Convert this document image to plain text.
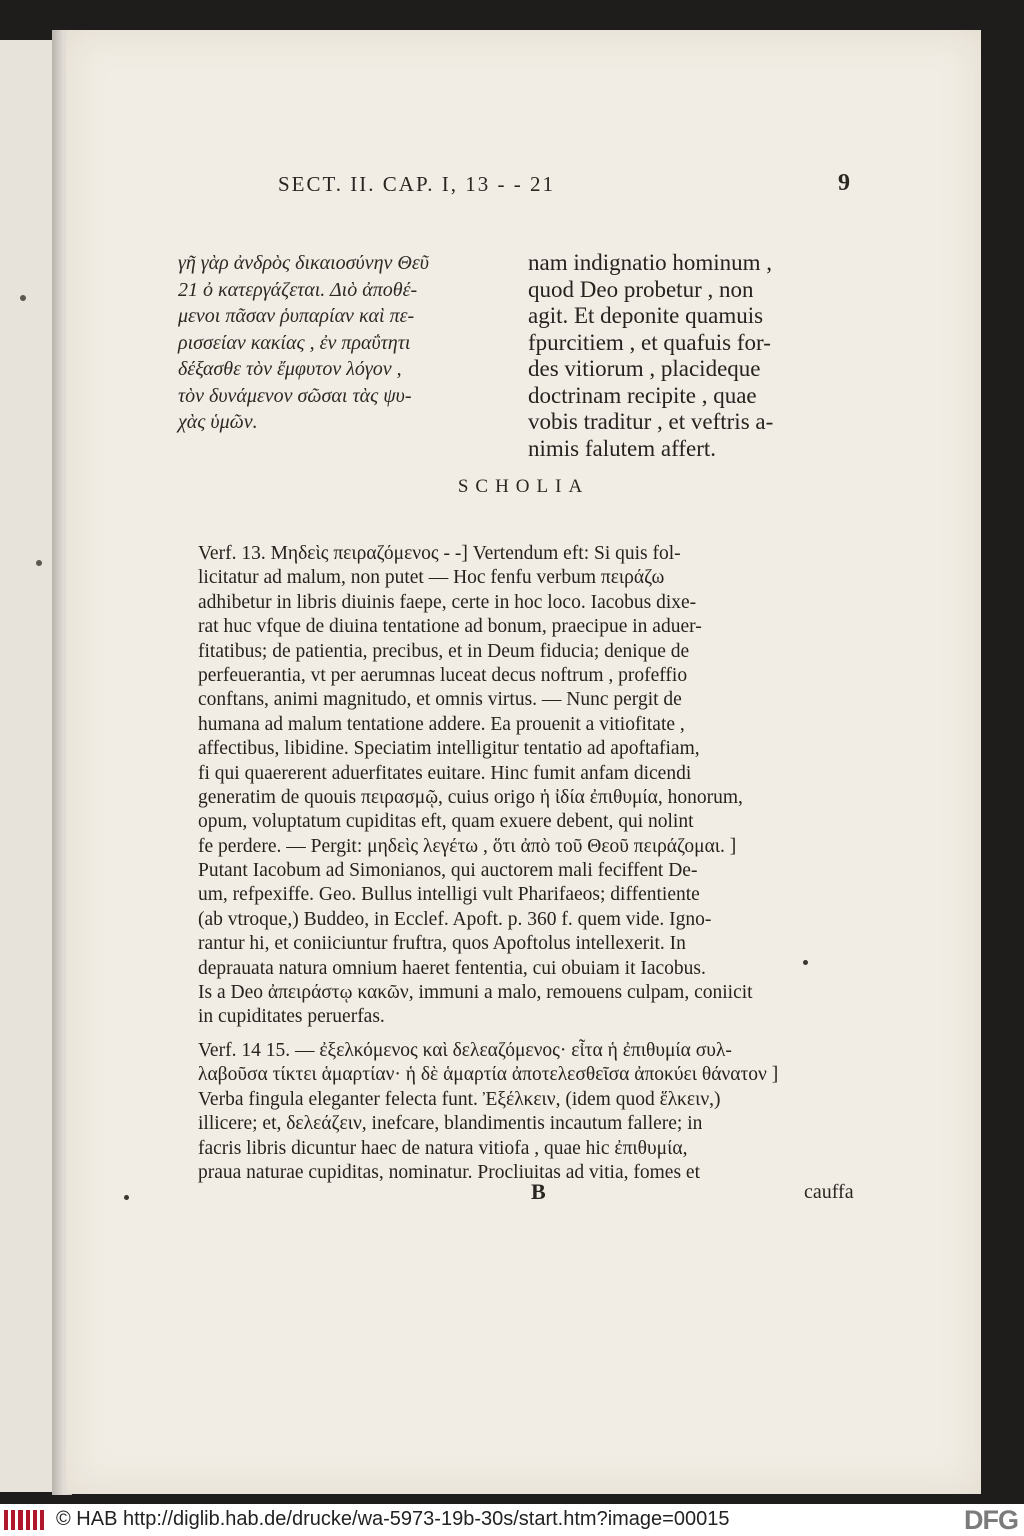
SECT. II. CAP. I, 13 - - 21	9
γῆ γὰρ ἀνδρὸς δικαιοσύνην Θεῦ
21 ὀ κατεργάζεται. Διὸ ἀποθέ-
μενοι πᾶσαν ῥυπαρίαν καὶ πε-
ρισσείαν κακίας , ἐν πραΰτητι
δέξασθε τὸν ἔμφυτον λόγον ,
τὸν δυνάμενον σῶσαι τὰς ψυ-
χὰς ὑμῶν.
nam indignatio hominum ,
quod Deo probetur , non
agit. Et deponite quamuis
fpurcitiem , et quafuis for-
des vitiorum , placideque
doctrinam recipite , quae
vobis traditur , et veftris a-
nimis falutem affert.
SCHOLIA
Verf. 13. Μηδεὶς πειραζόμενος - -] Vertendum eft: Si quis fol-
licitatur ad malum, non putet — Hoc fenfu verbum πειράζω
adhibetur in libris diuinis faepe, certe in hoc loco. Iacobus dixe-
rat huc vfque de diuina tentatione ad bonum, praecipue in aduer-
fitatibus; de patientia, precibus, et in Deum fiducia; denique de
perfeuerantia, vt per aerumnas luceat decus noftrum , profeffio
conftans, animi magnitudo, et omnis virtus. — Nunc pergit de
humana ad malum tentatione addere. Ea prouenit a vitiofitate ,
affectibus, libidine. Speciatim intelligitur tentatio ad apoftafiam,
fi qui quaererent aduerfitates euitare. Hinc fumit anfam dicendi
generatim de quouis πειρασμῷ, cuius origo ἡ ἰδία ἐπιθυμία, honorum,
opum, voluptatum cupiditas eft, quam exuere debent, qui nolint
fe perdere. — Pergit: μηδεὶς λεγέτω , ὅτι ἀπὸ τοῦ Θεοῦ πειράζομαι. ]
Putant Iacobum ad Simonianos, qui auctorem mali feciffent De-
um, refpexiffe. Geo. Bullus intelligi vult Pharifaeos; diffentiente
(ab vtroque,) Buddeo, in Ecclef. Apoft. p. 360 f. quem vide. Igno-
rantur hi, et coniiciuntur fruftra, quos Apoftolus intellexerit. In
deprauata natura omnium haeret fententia, cui obuiam it Iacobus.
Is a Deo ἀπειράστῳ κακῶν, immuni a malo, remouens culpam, coniicit
in cupiditates peruerfas.
Verf. 14 15. — ἐξελκόμενος καὶ δελεαζόμενος· εἶτα ἡ ἐπιθυμία συλ-
λαβοῦσα τίκτει ἁμαρτίαν· ἡ δὲ ἁμαρτία ἀποτελεσθεῖσα ἀποκύει θάνατον ]
Verba fingula eleganter felecta funt. Ἐξέλκειν, (idem quod ἕλκειν,)
illicere; et, δελεάζειν, inefcare, blandimentis incautum fallere; in
facris libris dicuntur haec de natura vitiofa , quae hic ἐπιθυμία,
praua naturae cupiditas, nominatur. Procliuitas ad vitia, fomes et
B	cauffa
© HAB http://diglib.hab.de/drucke/wa-5973-19b-30s/start.htm?image=00015	DFG
